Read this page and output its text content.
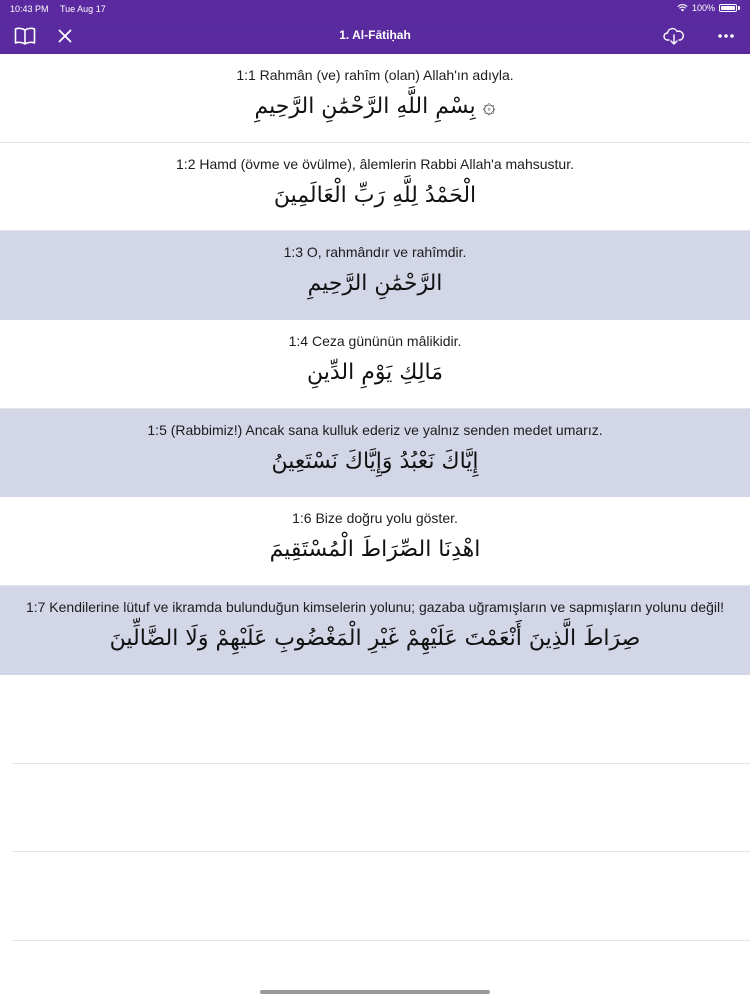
10:43 PM Tue Aug 17	100%
1. Al-Fātiḥah
1:1 Rahmân (ve) rahîm (olan) Allah'ın adıyla.
۞ بِسْمِ اللَّهِ الرَّحْمَٰنِ الرَّحِيمِ
1:2 Hamd (övme ve övülme), âlemlerin Rabbi Allah'a mahsustur.
الْحَمْدُ لِلَّهِ رَبِّ الْعَالَمِينَ
1:3 O, rahmândır ve rahîmdir.
الرَّحْمَٰنِ الرَّحِيمِ
1:4 Ceza gününün mâlikidir.
مَالِكِ يَوْمِ الدِّينِ
1:5 (Rabbimiz!) Ancak sana kulluk ederiz ve yalnız senden medet umarız.
إِيَّاكَ نَعْبُدُ وَإِيَّاكَ نَسْتَعِينُ
1:6 Bize doğru yolu göster.
اهْدِنَا الصِّرَاطَ الْمُسْتَقِيمَ
1:7 Kendilerine lütuf ve ikramda bulunduğun kimselerin yolunu; gazaba uğramışların ve sapmışların yolunu değil!
صِرَاطَ الَّذِينَ أَنْعَمْتَ عَلَيْهِمْ غَيْرِ الْمَغْضُوبِ عَلَيْهِمْ وَلَا الضَّالِّينَ
